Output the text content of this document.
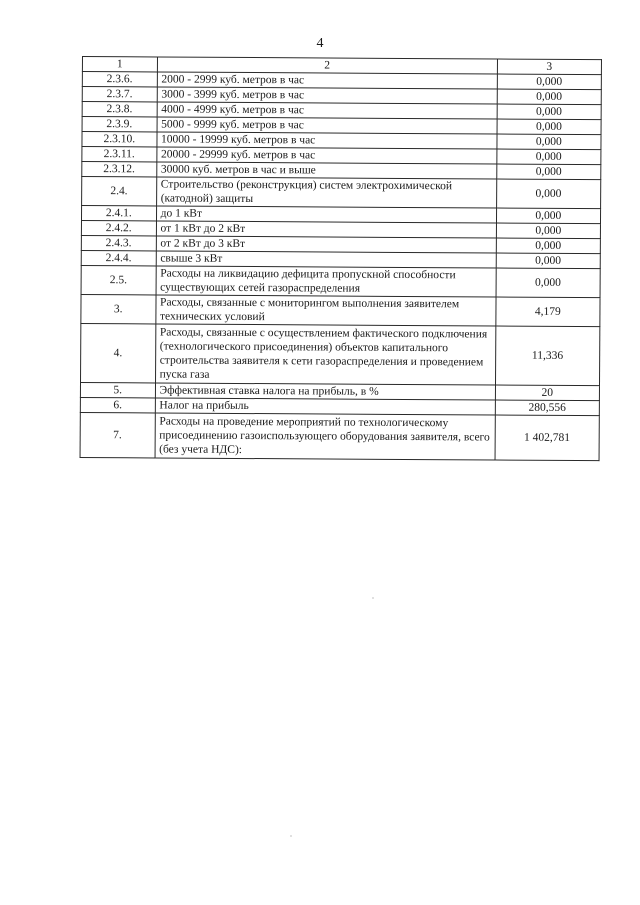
4
1	2	3
2.3.6.	2000 - 2999 куб. метров в час	0,000
2.3.7.	3000 - 3999 куб. метров в час	0,000
2.3.8.	4000 - 4999 куб. метров в час	0,000
2.3.9.	5000 - 9999 куб. метров в час	0,000
2.3.10.	10000 - 19999 куб. метров в час	0,000
2.3.11.	20000 - 29999 куб. метров в час	0,000
2.3.12.	30000 куб. метров в час и выше	0,000
2.4.	Строительство (реконструкция) систем электрохимической (катодной) защиты	0,000
2.4.1.	до 1 кВт	0,000
2.4.2.	от 1 кВт до 2 кВт	0,000
2.4.3.	от 2 кВт до 3 кВт	0,000
2.4.4.	свыше 3 кВт	0,000
2.5.	Расходы на ликвидацию дефицита пропускной способности существующих сетей газораспределения	0,000
3.	Расходы, связанные с мониторингом выполнения заявителем технических условий	4,179
4.	Расходы, связанные с осуществлением фактического подключения (технологического присоединения) объектов капитального строительства заявителя к сети газораспределения и проведением пуска газа	11,336
5.	Эффективная ставка налога на прибыль, в %	20
6.	Налог на прибыль	280,556
7.	Расходы на проведение мероприятий по технологическому присоединению газоиспользующего оборудования заявителя, всего (без учета НДС):	1 402,781
